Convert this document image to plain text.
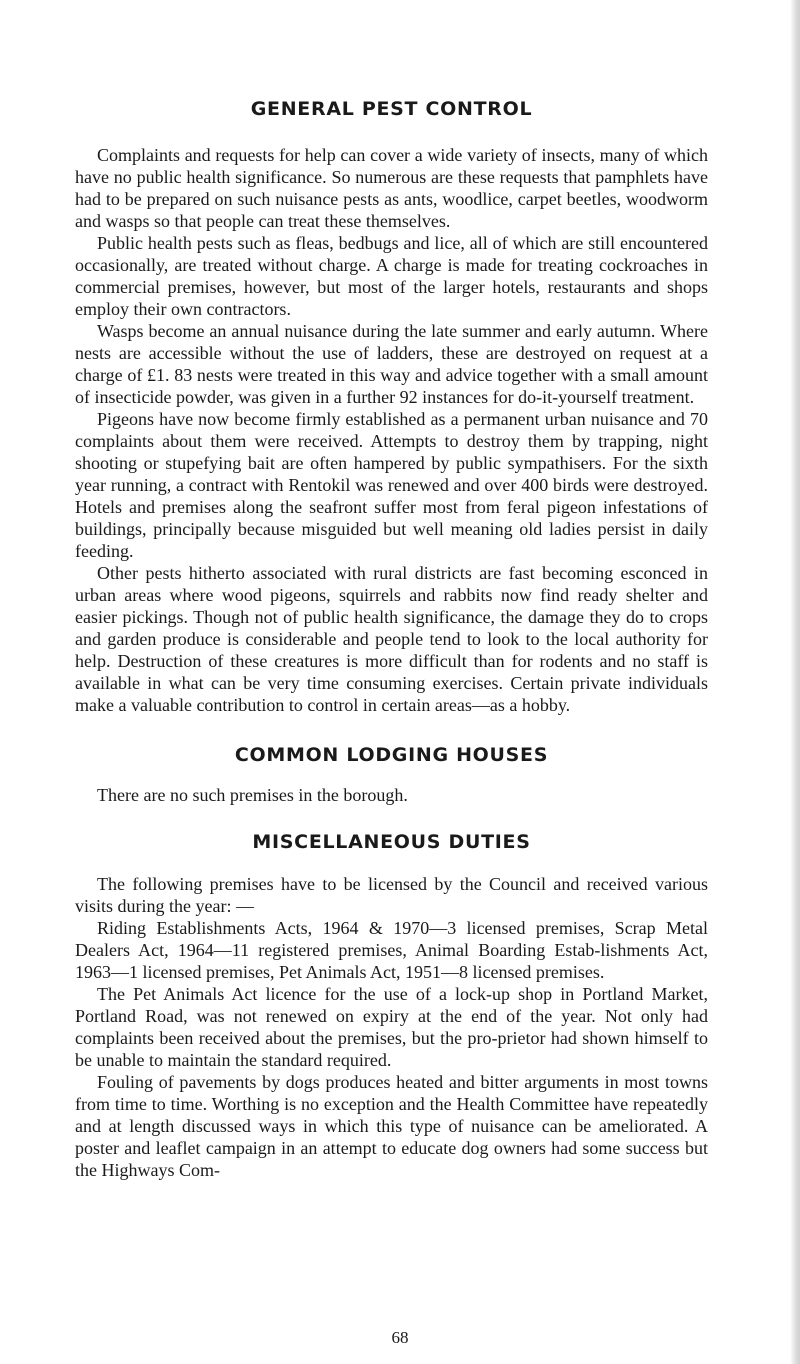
GENERAL PEST CONTROL

Complaints and requests for help can cover a wide variety of insects, many of which have no public health significance. So numerous are these requests that pamphlets have had to be prepared on such nuisance pests as ants, woodlice, carpet beetles, woodworm and wasps so that people can treat these themselves.

Public health pests such as fleas, bedbugs and lice, all of which are still encountered occasionally, are treated without charge. A charge is made for treating cockroaches in commercial premises, however, but most of the larger hotels, restaurants and shops employ their own contractors.

Wasps become an annual nuisance during the late summer and early autumn. Where nests are accessible without the use of ladders, these are destroyed on request at a charge of £1. 83 nests were treated in this way and advice together with a small amount of insecticide powder, was given in a further 92 instances for do-it-yourself treatment.

Pigeons have now become firmly established as a permanent urban nuisance and 70 complaints about them were received. Attempts to destroy them by trapping, night shooting or stupefying bait are often hampered by public sympathisers. For the sixth year running, a contract with Rentokil was renewed and over 400 birds were destroyed. Hotels and premises along the seafront suffer most from feral pigeon infestations of buildings, principally because misguided but well meaning old ladies persist in daily feeding.

Other pests hitherto associated with rural districts are fast becoming esconced in urban areas where wood pigeons, squirrels and rabbits now find ready shelter and easier pickings. Though not of public health significance, the damage they do to crops and garden produce is considerable and people tend to look to the local authority for help. Destruction of these creatures is more difficult than for rodents and no staff is available in what can be very time consuming exercises. Certain private individuals make a valuable contribution to control in certain areas—as a hobby.

COMMON LODGING HOUSES

There are no such premises in the borough.

MISCELLANEOUS DUTIES

The following premises have to be licensed by the Council and received various visits during the year: —

Riding Establishments Acts, 1964 & 1970—3 licensed premises, Scrap Metal Dealers Act, 1964—11 registered premises, Animal Boarding Estab-lishments Act, 1963—1 licensed premises, Pet Animals Act, 1951—8 licensed premises.

The Pet Animals Act licence for the use of a lock-up shop in Portland Market, Portland Road, was not renewed on expiry at the end of the year. Not only had complaints been received about the premises, but the pro-prietor had shown himself to be unable to maintain the standard required.

Fouling of pavements by dogs produces heated and bitter arguments in most towns from time to time. Worthing is no exception and the Health Committee have repeatedly and at length discussed ways in which this type of nuisance can be ameliorated. A poster and leaflet campaign in an attempt to educate dog owners had some success but the Highways Com-

68
